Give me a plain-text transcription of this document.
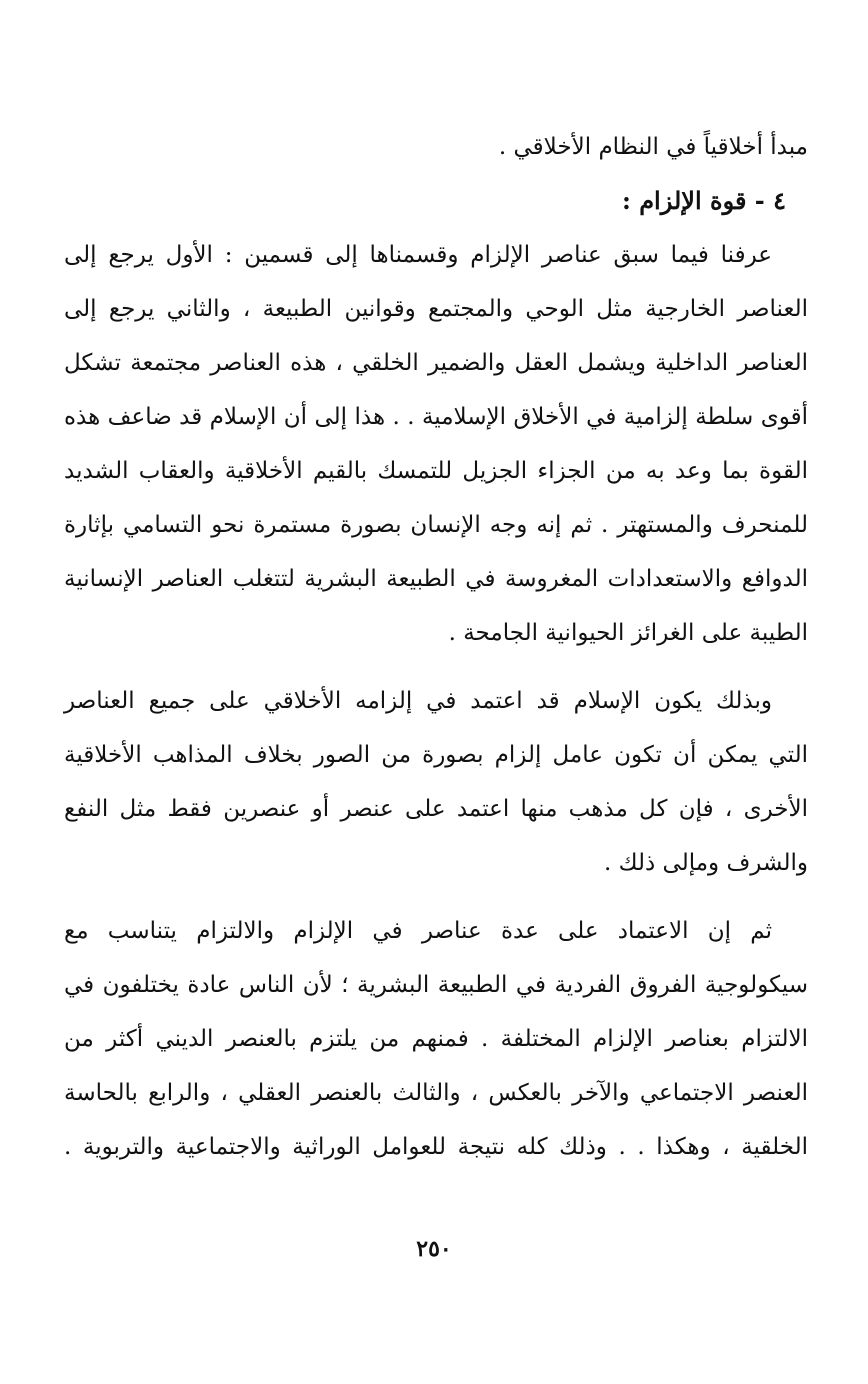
مبدأ أخلاقياً في النظام الأخلاقي .
٤ - قوة الإلزام :
عرفنا فيما سبق عناصر الإلزام وقسمناها إلى قسمين : الأول يرجع إلى
العناصر الخارجية مثل الوحي والمجتمع وقوانين الطبيعة ، والثاني يرجع إلى
العناصر الداخلية ويشمل العقل والضمير الخلقي ، هذه العناصر مجتمعة تشكل
أقوى سلطة إلزامية في الأخلاق الإسلامية . . هذا إلى أن الإسلام قد ضاعف هذه
القوة بما وعد به من الجزاء الجزيل للتمسك بالقيم الأخلاقية والعقاب الشديد
للمنحرف والمستهتر . ثم إنه وجه الإنسان بصورة مستمرة نحو التسامي بإثارة
الدوافع والاستعدادات المغروسة في الطبيعة البشرية لتتغلب العناصر الإنسانية
الطيبة على الغرائز الحيوانية الجامحة .
وبذلك يكون الإسلام قد اعتمد في إلزامه الأخلاقي على جميع العناصر
التي يمكن أن تكون عامل إلزام بصورة من الصور بخلاف المذاهب الأخلاقية
الأخرى ، فإن كل مذهب منها اعتمد على عنصر أو عنصرين فقط مثل النفع
والشرف ومإلى ذلك .
ثم إن الاعتماد على عدة عناصر في الإلزام والالتزام يتناسب مع
سيكولوجية الفروق الفردية في الطبيعة البشرية ؛ لأن الناس عادة يختلفون في
الالتزام بعناصر الإلزام المختلفة . فمنهم من يلتزم بالعنصر الديني أكثر من
العنصر الاجتماعي والآخر بالعكس ، والثالث بالعنصر العقلي ، والرابع بالحاسة
الخلقية ، وهكذا . . وذلك كله نتيجة للعوامل الوراثية والاجتماعية والتربوية .
٢٥٠
